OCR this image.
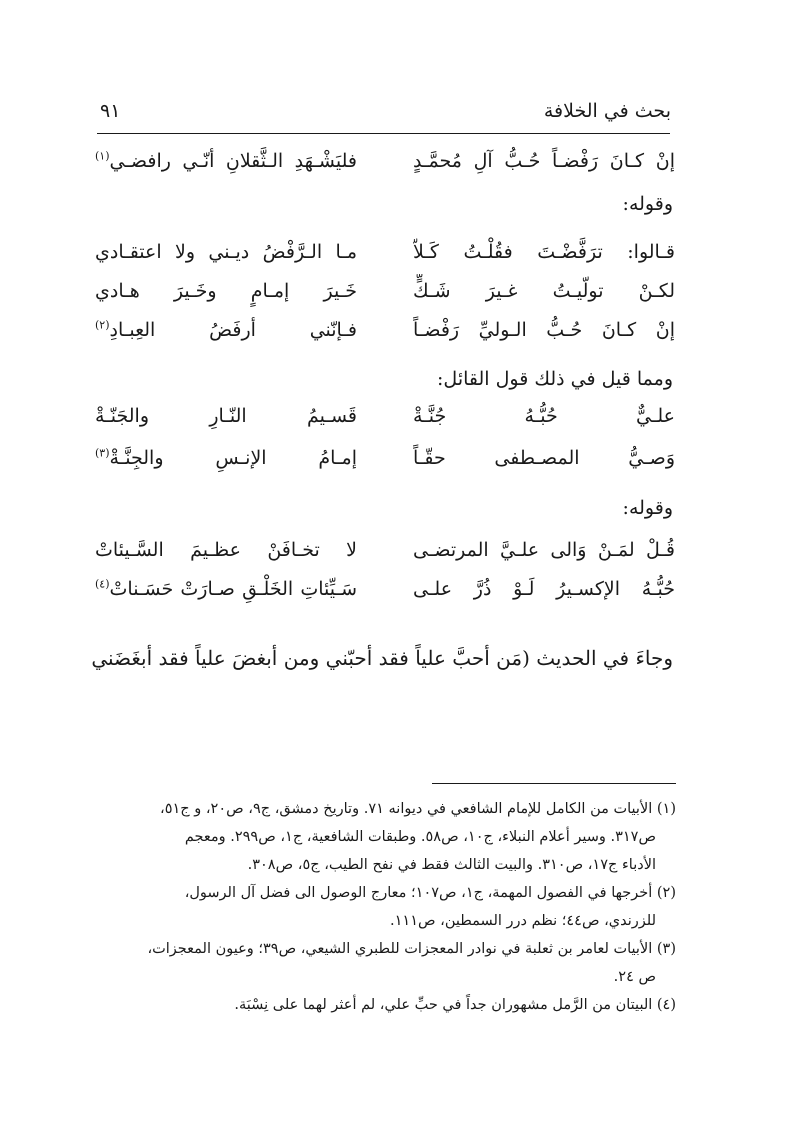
بحث في الخلافة
٩١
إنْ كـانَ رَفْضـاً حُـبُّ آلِ مُحمَّـدٍ
فليَشْـهَدِ الـثَّقلانِ أنّـي رافضـي$^{(١)}$
وقوله:
قـالوا: ترَفَّضْـتَ فقُلْـتُ كَـلاّ
مـا الـرَّفْضُ ديـني ولا اعتقـادي
لكـنْ تولّيـتُ غـيرَ شَـكٍّ
خَـيرَ إمـامٍ وخَـيرَ هـادي
إنْ كـانَ حُـبُّ الـوليِّ رَفْضـاً
فـإنّني أرفَضُ العِبـادِ$^{(٢)}$
ومما قيل في ذلك قول القائل:
علـيٌّ حُبُّـهُ جُنَّـةْ
قَسـيمُ النّـارِ والجَنّـةْ
وَصـيُّ المصـطفى حقّـاً
إمـامُ الإنـسِ والجِنَّـةْ$^{(٣)}$
وقوله:
قُـلْ لمَـنْ وَالى علـيَّ المرتضـى
لا تخـافَنْ عظـيمَ السَّـيئاتْ
حُبُّـهُ الإكسـيرُ لَـوْ ذُرَّ علـى
سَـيِّئاتِ الخَلْـقِ صـارَتْ حَسَـناتْ$^{(٤)}$
وجاءَ في الحديث (مَن أحبَّ علياً فقد أحبّني ومن أبغضَ علياً فقد أبغَضَني

(١) الأبيات من الكامل للإمام الشافعي في ديوانه ٧١. وتاريخ دمشق، ج٩، ص٢٠، و ج٥١،
ص٣١٧. وسير أعلام النبلاء، ج١٠، ص٥٨. وطبقات الشافعية، ج١، ص٢٩٩. ومعجم
الأدباء ج١٧، ص٣١٠. والبيت الثالث فقط في نفح الطيب، ج٥، ص٣٠٨.

(٢) أخرجها في الفصول المهمة، ج١، ص١٠٧؛ معارج الوصول الى فضل آل الرسول،
للزرندي، ص٤٤؛ نظم درر السمطين، ص١١١.

(٣) الأبيات لعامر بن ثعلبة في نوادر المعجزات للطبري الشيعي، ص٣٩؛ وعيون المعجزات،
ص ٢٤.

(٤) البيتان من الرَّمل مشهوران جداً في حبِّ علي، لم أعثر لهما على نِسْبَة.
